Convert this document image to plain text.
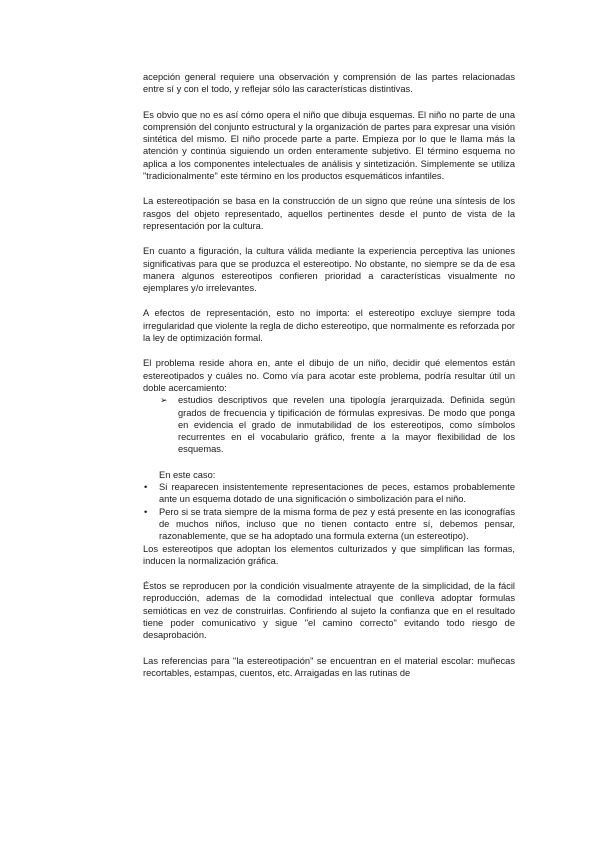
acepción general requiere una observación y comprensión de las partes relacionadas entre sí y con el todo, y reflejar sólo las características distintivas.

Es obvio que no es así cómo opera el niño que dibuja esquemas. El niño no parte de una comprensión del conjunto estructural y la organización de partes para expresar una visión sintética del mismo. El niño procede parte a parte. Empieza por lo que le llama más la atención y continúa siguiendo un orden enteramente subjetivo. El término esquema no aplica a los componentes intelectuales de análisis y sintetización. Simplemente se utiliza "tradicionalmente" este término en los productos esquemáticos infantiles.

La estereotipación se basa en la construcción de un signo que reúne una síntesis de los rasgos del objeto representado, aquellos pertinentes desde el punto de vista de la representación por la cultura.

En cuanto a figuración, la cultura válida mediante la experiencia perceptiva las uniones significativas para que se produzca el estereotipo. No obstante, no siempre se da de esa manera algunos estereotipos confieren prioridad a características visualmente no ejemplares y/o irrelevantes.

A efectos de representación, esto no importa: el estereotipo excluye siempre toda irregularidad que violente la regla de dicho estereotipo, que normalmente es reforzada por la ley de optimización formal.

El problema reside ahora en, ante el dibujo de un niño, decidir qué elementos están estereotipados y cuáles no. Como vía para acotar este problema, podría resultar útil un doble acercamiento:

➢ estudios descriptivos que revelen una tipología jerarquizada. Definida según grados de frecuencia y tipificación de fórmulas expresivas. De modo que ponga en evidencia el grado de inmutabilidad de los estereotipos, como símbolos recurrentes en el vocabulario gráfico, frente a la mayor flexibilidad de los esquemas.

En este caso:

• Si reaparecen insistentemente representaciones de peces, estamos probablemente ante un esquema dotado de una significación o simbolización para el niño.
• Pero si se trata siempre de la misma forma de pez y está presente en las iconografías de muchos niños, incluso que no tienen contacto entre sí, debemos pensar, razonablemente, que se ha adoptado una formula externa (un estereotipo).

Los estereotipos que adoptan los elementos culturizados y que simplifican las formas, inducen la normalización gráfica.

Éstos se reproducen por la condición visualmente atrayente de la simplicidad, de la fácil reproducción, ademas de la comodidad intelectual que conlleva adoptar formulas semióticas en vez de construirlas. Confiriendo al sujeto la confianza que en el resultado tiene poder comunicativo y sigue "el camino correcto" evitando todo riesgo de desaprobación.

Las referencias para "la estereotipación" se encuentran en el material escolar: muñecas recortables, estampas, cuentos, etc. Arraigadas en las rutinas de
